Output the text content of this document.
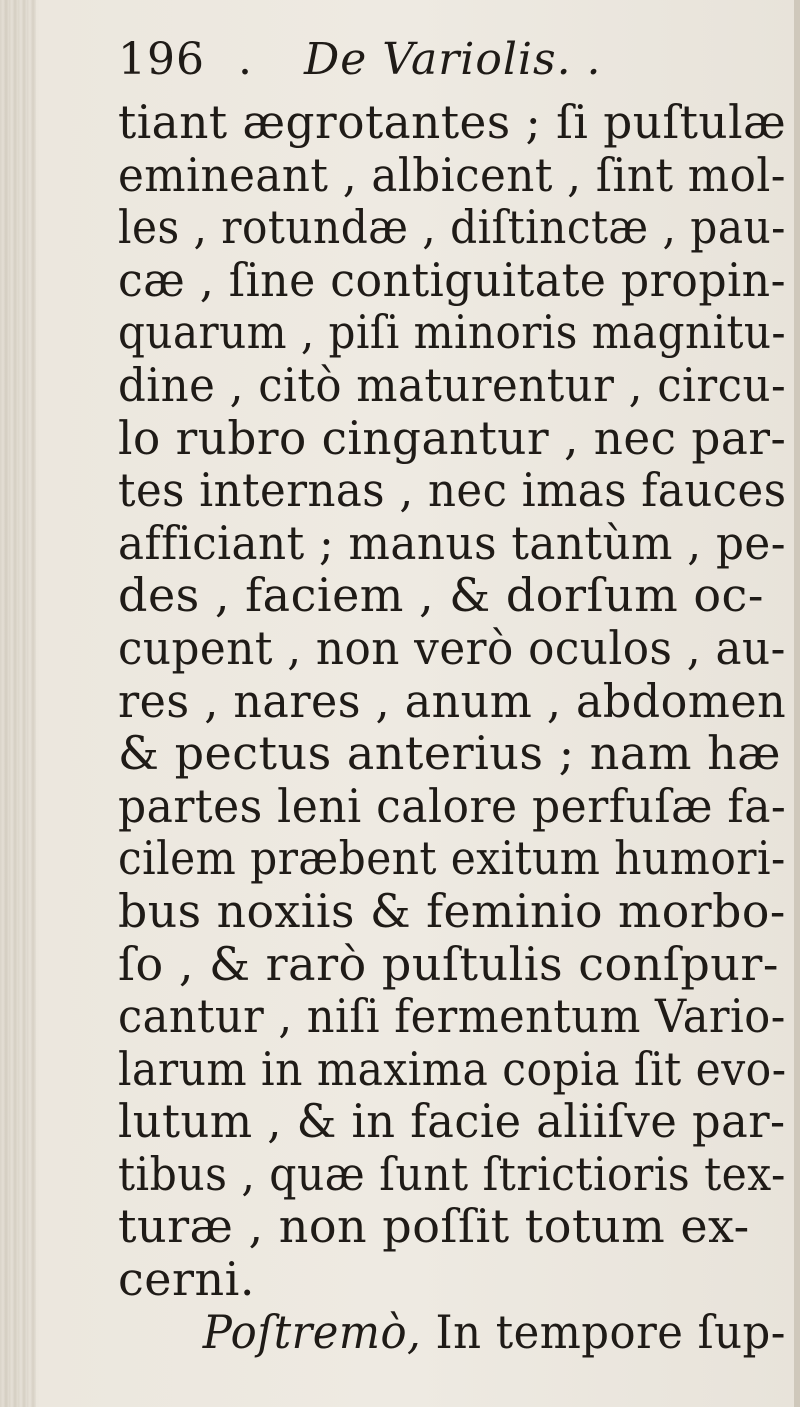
196 . De Variolis. .
tiant ægrotantes ; ſi puſtulæ
emineant , albicent , ſint mol-
les , rotundæ , diſtinctæ , pau-
cæ , ſine contiguitate propin-
quarum , piſi minoris magnitu-
dine , citò maturentur , circu-
lo rubro cingantur , nec par-
tes internas , nec imas fauces
afficiant ; manus tantùm , pe-
des , faciem , & dorſum oc-
cupent , non verò oculos , au-
res , nares , anum , abdomen
& pectus anterius ; nam hæ
partes leni calore perfuſæ fa-
cilem præbent exitum humori-
bus noxiis & feminio morbo-
ſo , & rarò puſtulis conſpur-
cantur , niſi fermentum Vario-
larum in maxima copia ſit evo-
lutum , & in facie aliiſve par-
tibus , quæ ſunt ſtrictioris tex-
turæ , non poſſit totum ex-
cerni.
Poſtremò, In tempore ſup-
